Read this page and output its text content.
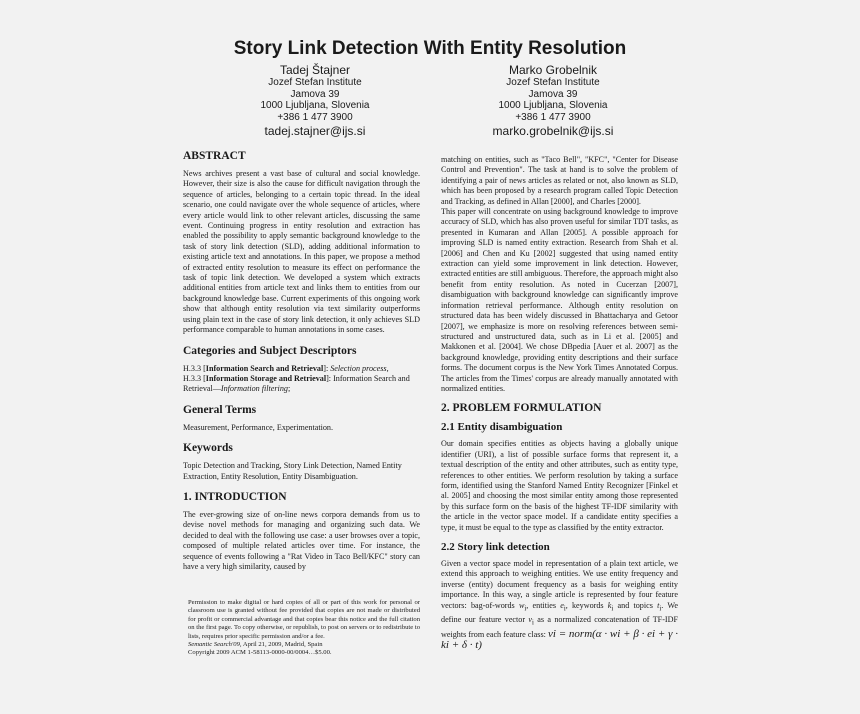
Story Link Detection With Entity Resolution
Tadej Štajner
Jozef Stefan Institute
Jamova 39
1000 Ljubljana, Slovenia
+386 1 477 3900
tadej.stajner@ijs.si
Marko Grobelnik
Jozef Stefan Institute
Jamova 39
1000 Ljubljana, Slovenia
+386 1 477 3900
marko.grobelnik@ijs.si
ABSTRACT

News archives present a vast base of cultural and social knowledge. However, their size is also the cause for difficult navigation through the sequence of articles, belonging to a certain topic thread. In the ideal scenario, one could navigate over the whole sequence of articles, where every article would link to other relevant articles, discussing the same event. Continuing progress in entity resolution and extraction has enabled the possibility to apply semantic background knowledge to the task of story link detection (SLD), adding additional information to existing article text and annotations. In this paper, we propose a method of extracted entity resolution to measure its effect on performance the task of topic link detection. We developed a system which extracts additional entities from article text and links them to entities from our background knowledge base. Current experiments of this ongoing work show that although entity resolution via text similarity outperforms using plain text in the case of story link detection, it only achieves SLD performance comparable to human annotations in some cases.

Categories and Subject Descriptors

H.3.3 [Information Search and Retrieval]: Selection process,
H.3.3 [Information Storage and Retrieval]: Information Search and Retrieval—Information filtering;

General Terms

Measurement, Performance, Experimentation.

Keywords

Topic Detection and Tracking, Story Link Detection, Named Entity Extraction, Entity Resolution, Entity Disambiguation.

1. INTRODUCTION

The ever-growing size of on-line news corpora demands from us to devise novel methods for managing and organizing such data. We decided to deal with the following use case: a user browses over a topic, composed of multiple related articles over time. For instance, the sequence of events following a "Rat Video in Taco Bell/KFC" story can have a very high similarity, caused by

Permission to make digital or hard copies of all or part of this work for personal or classroom use is granted without fee provided that copies are not made or distributed for profit or commercial advantage and that copies bear this notice and the full citation on the first page. To copy otherwise, or republish, to post on servers or to redistribute to lists, requires prior specific permission and/or a fee.

Semantic Search'09, April 21, 2009, Madrid, Spain

Copyright 2009 ACM 1-58113-0000-00/0004…$5.00.

matching on entities, such as "Taco Bell", "KFC", "Center for Disease Control and Prevention". The task at hand is to solve the problem of identifying a pair of news articles as related or not, also known as SLD, which has been proposed by a research program called Topic Detection and Tracking, as defined in Allan [2000], and Charles [2000].

This paper will concentrate on using background knowledge to improve accuracy of SLD, which has also proven useful for similar TDT tasks, as presented in Kumaran and Allan [2005]. A possible approach for improving SLD is named entity extraction. Research from Shah et al. [2006] and Chen and Ku [2002] suggested that using named entity extraction can yield some improvement in link detection. However, extracted entities are still ambiguous. Therefore, the approach might also benefit from entity resolution. As noted in Cucerzan [2007], disambiguation with background knowledge can significantly improve information retrieval performance. Although entity resolution on structured data has been widely discussed in Bhattacharya and Getoor [2007], we emphasize is more on resolving references between semi-structured and unstructured data, such as in Li et al. [2005] and Makkonen et al. [2004]. We chose DBpedia [Auer et al. 2007] as the background knowledge, providing entity descriptions and their surface forms. The document corpus is the New York Times Annotated Corpus. The articles from the Times' corpus are already manually annotated with normalized entities.

2. PROBLEM FORMULATION
2.1 Entity disambiguation

Our domain specifies entities as objects having a globally unique identifier (URI), a list of possible surface forms that represent it, a textual description of the entity and other attributes, such as entity type, references to other entities. We perform resolution by taking a surface form, identified using the Stanford Named Entity Recognizer [Finkel et al. 2005] and choosing the most similar entity among those represented by this surface form on the basis of the highest TF-IDF similarity with the article in the vector space model. If a candidate entity specifies a type, it must be equal to the type as classified by the entity extractor.

2.2 Story link detection

Given a vector space model in representation of a plain text article, we extend this approach to weighing entities. We use entity frequency and inverse (entity) document frequency as a basis for weighing entity importance. In this way, a single article is represented by four feature vectors: bag-of-words $w_i$, entities $e_i$, keywords $k_i$ and topics $t_i$. We define our feature vector $v_i$ as a normalized concatenation of TF-IDF weights from each feature class: vi = norm(α · wi + β · ei + γ · ki + δ · t)
